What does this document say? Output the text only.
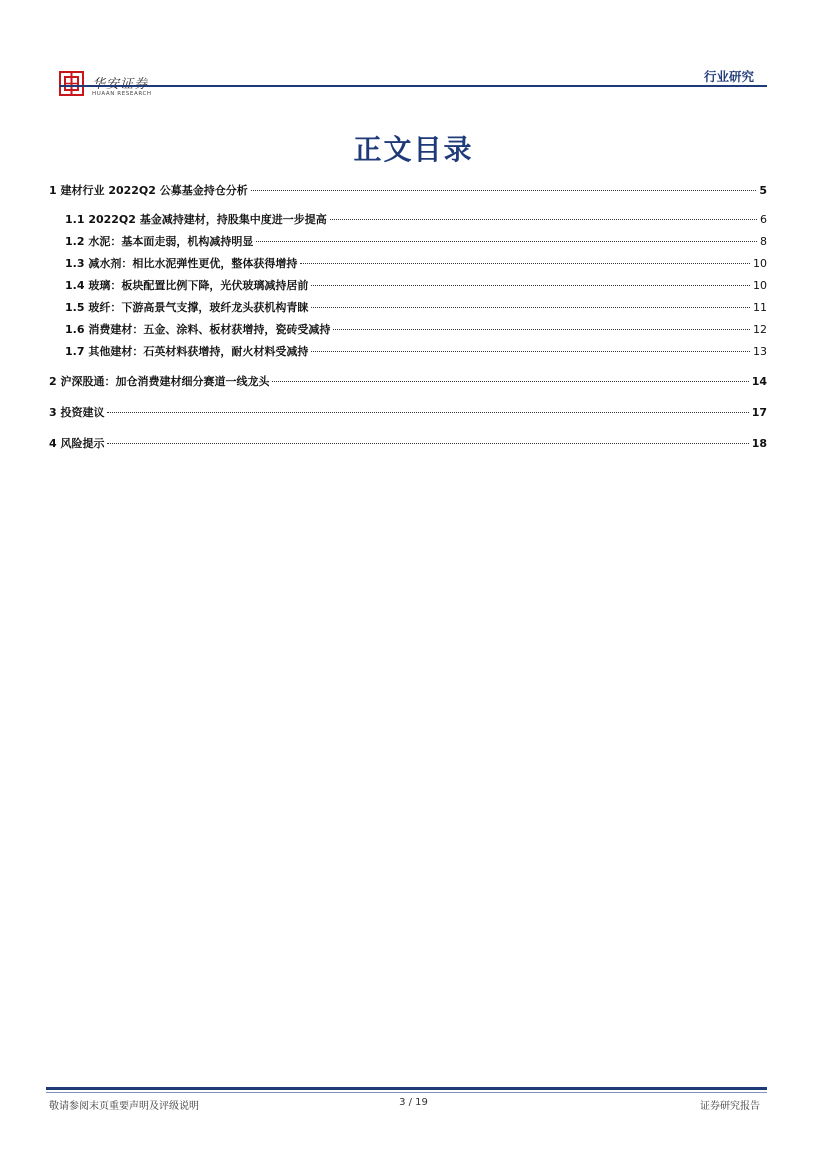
HUAAN RESEARCH
行业研究
正文目录
1 建材行业 2022Q2 公募基金持仓分析	5
1.1 2022Q2 基金减持建材，持股集中度进一步提高	6
1.2 水泥：基本面走弱，机构减持明显	8
1.3 减水剂：相比水泥弹性更优，整体获得增持	10
1.4 玻璃：板块配置比例下降，光伏玻璃减持居前	10
1.5 玻纤：下游高景气支撑，玻纤龙头获机构青睐	11
1.6 消费建材：五金、涂料、板材获增持，瓷砖受减持	12
1.7 其他建材：石英材料获增持，耐火材料受减持	13
2 沪深股通：加仓消费建材细分赛道一线龙头	14
3 投资建议	17
4 风险提示	18
敬请参阅末页重要声明及评级说明	3 / 19	证券研究报告
